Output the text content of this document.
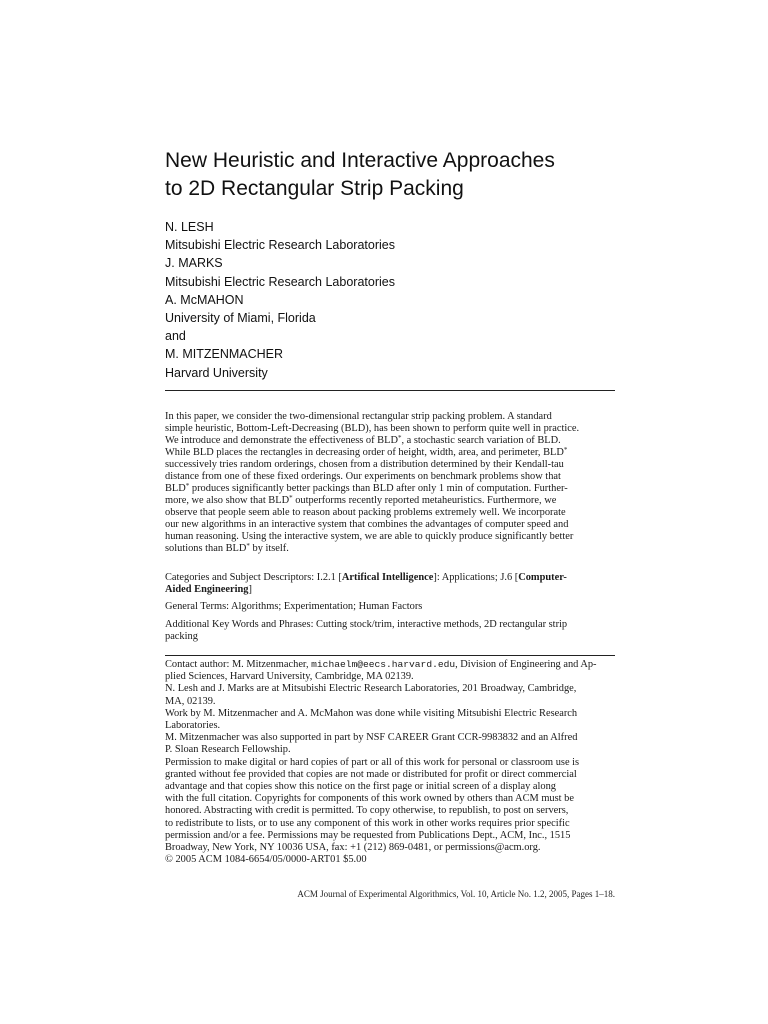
New Heuristic and Interactive Approaches
to 2D Rectangular Strip Packing
N. LESH
Mitsubishi Electric Research Laboratories
J. MARKS
Mitsubishi Electric Research Laboratories
A. McMAHON
University of Miami, Florida
and
M. MITZENMACHER
Harvard University
In this paper, we consider the two-dimensional rectangular strip packing problem. A standard
simple heuristic, Bottom-Left-Decreasing (BLD), has been shown to perform quite well in practice.
We introduce and demonstrate the effectiveness of BLD*, a stochastic search variation of BLD.
While BLD places the rectangles in decreasing order of height, width, area, and perimeter, BLD*
successively tries random orderings, chosen from a distribution determined by their Kendall-tau
distance from one of these fixed orderings. Our experiments on benchmark problems show that
BLD* produces significantly better packings than BLD after only 1 min of computation. Further-
more, we also show that BLD* outperforms recently reported metaheuristics. Furthermore, we
observe that people seem able to reason about packing problems extremely well. We incorporate
our new algorithms in an interactive system that combines the advantages of computer speed and
human reasoning. Using the interactive system, we are able to quickly produce significantly better
solutions than BLD* by itself.
Categories and Subject Descriptors: I.2.1 [Artifical Intelligence]: Applications; J.6 [Computer-
Aided Engineering]
General Terms: Algorithms; Experimentation; Human Factors
Additional Key Words and Phrases: Cutting stock/trim, interactive methods, 2D rectangular strip
packing
Contact author: M. Mitzenmacher, michaelm@eecs.harvard.edu, Division of Engineering and Ap-
plied Sciences, Harvard University, Cambridge, MA 02139.
N. Lesh and J. Marks are at Mitsubishi Electric Research Laboratories, 201 Broadway, Cambridge,
MA, 02139.
Work by M. Mitzenmacher and A. McMahon was done while visiting Mitsubishi Electric Research
Laboratories.
M. Mitzenmacher was also supported in part by NSF CAREER Grant CCR-9983832 and an Alfred
P. Sloan Research Fellowship.
Permission to make digital or hard copies of part or all of this work for personal or classroom use is
granted without fee provided that copies are not made or distributed for profit or direct commercial
advantage and that copies show this notice on the first page or initial screen of a display along
with the full citation. Copyrights for components of this work owned by others than ACM must be
honored. Abstracting with credit is permitted. To copy otherwise, to republish, to post on servers,
to redistribute to lists, or to use any component of this work in other works requires prior specific
permission and/or a fee. Permissions may be requested from Publications Dept., ACM, Inc., 1515
Broadway, New York, NY 10036 USA, fax: +1 (212) 869-0481, or permissions@acm.org.
© 2005 ACM 1084-6654/05/0000-ART01 $5.00
ACM Journal of Experimental Algorithmics, Vol. 10, Article No. 1.2, 2005, Pages 1–18.
